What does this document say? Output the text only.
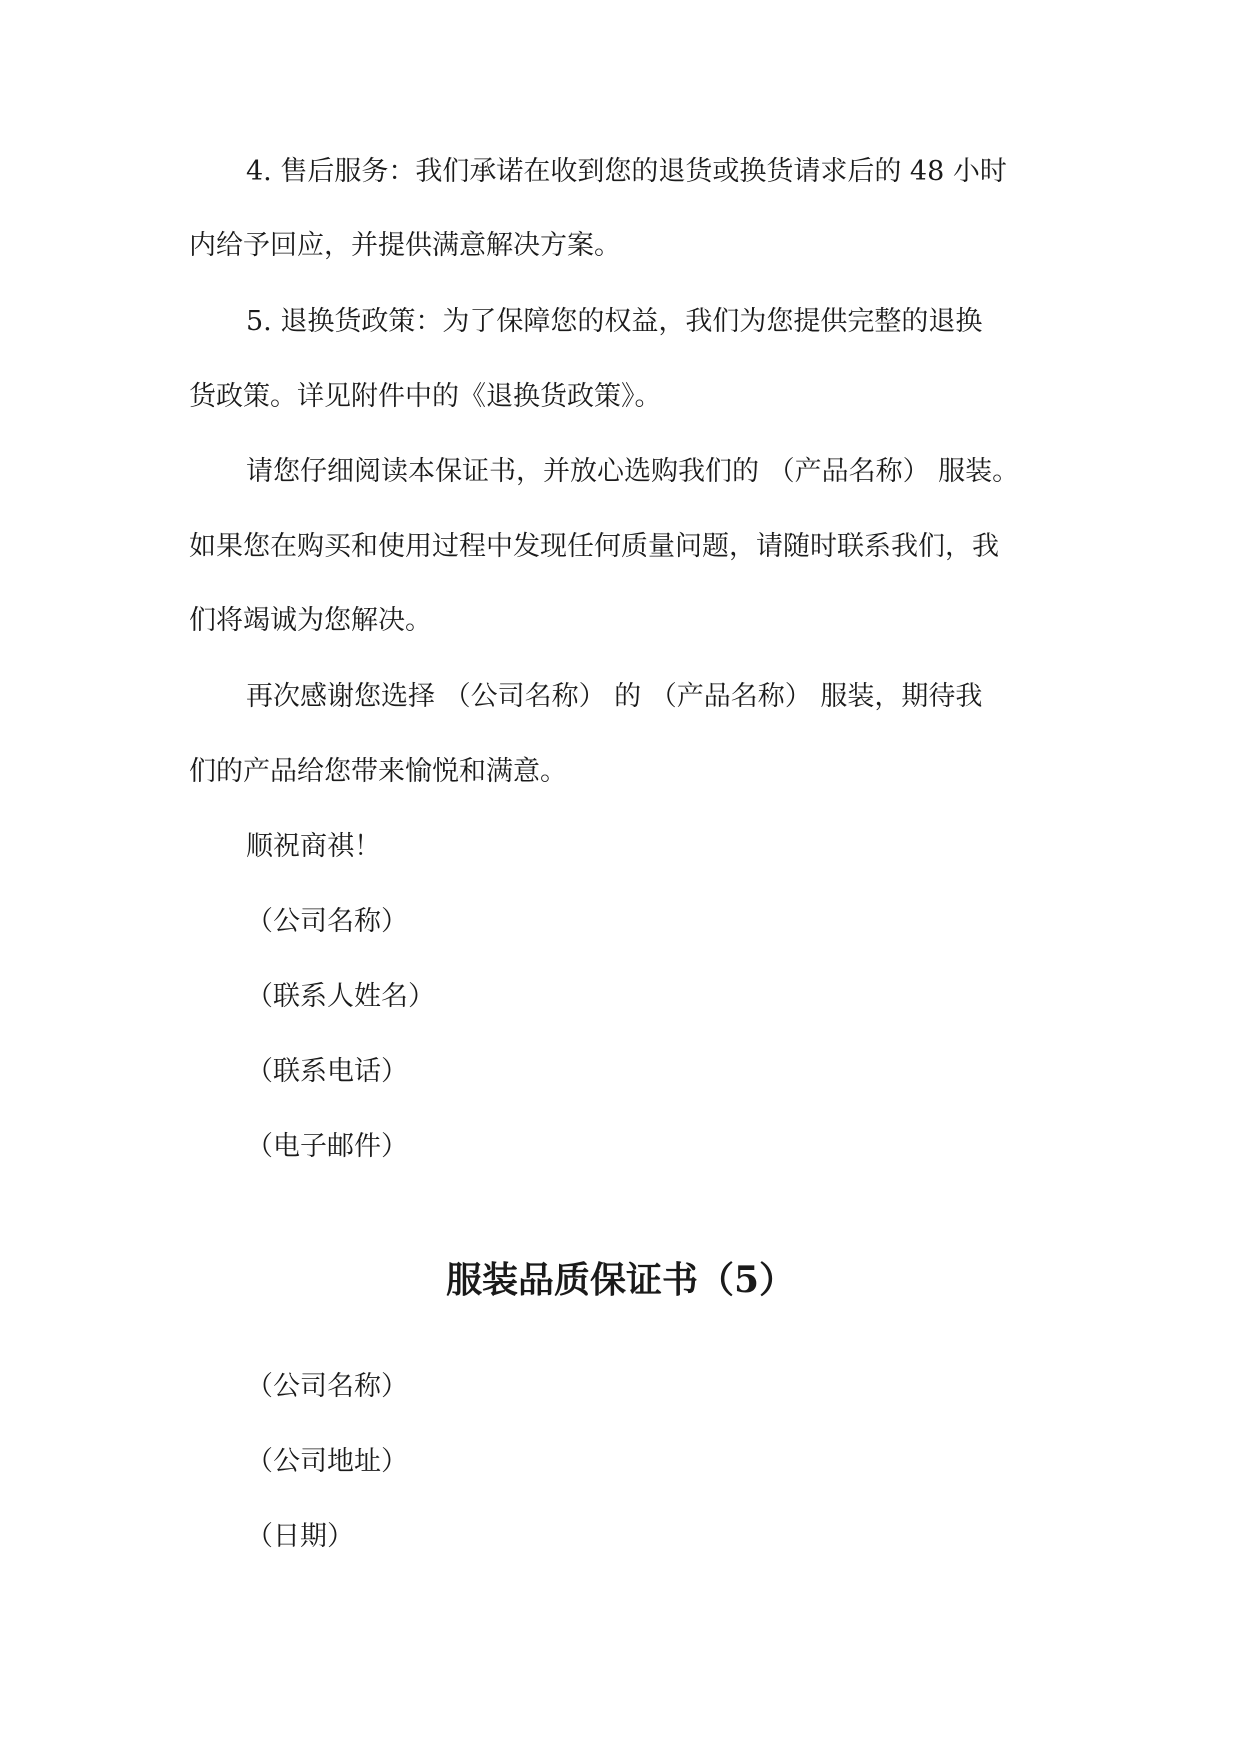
4. 售后服务：我们承诺在收到您的退货或换货请求后的 48 小时

内给予回应，并提供满意解决方案。

5. 退换货政策：为了保障您的权益，我们为您提供完整的退换

货政策。详见附件中的《退换货政策》。

请您仔细阅读本保证书，并放心选购我们的 （产品名称） 服装。

如果您在购买和使用过程中发现任何质量问题，请随时联系我们，我

们将竭诚为您解决。

再次感谢您选择 （公司名称） 的 （产品名称） 服装，期待我

们的产品给您带来愉悦和满意。

顺祝商祺！

（公司名称）

（联系人姓名）

（联系电话）

（电子邮件）

服装品质保证书（5）

（公司名称）

（公司地址）

（日期）
